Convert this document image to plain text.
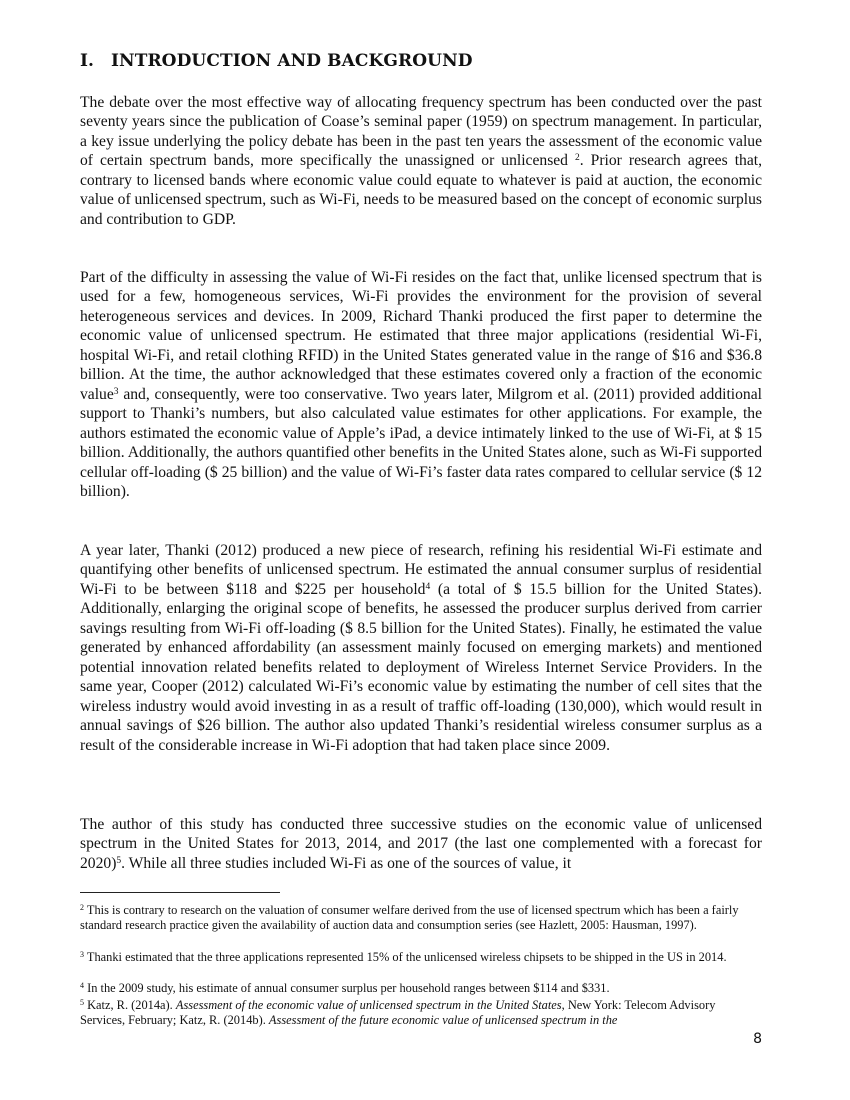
I. INTRODUCTION AND BACKGROUND

The debate over the most effective way of allocating frequency spectrum has been conducted over the past seventy years since the publication of Coase’s seminal paper (1959) on spectrum management. In particular, a key issue underlying the policy debate has been in the past ten years the assessment of the economic value of certain spectrum bands, more specifically the unassigned or unlicensed $^2$. Prior research agrees that, contrary to licensed bands where economic value could equate to whatever is paid at auction, the economic value of unlicensed spectrum, such as Wi-Fi, needs to be measured based on the concept of economic surplus and contribution to GDP.

Part of the difficulty in assessing the value of Wi-Fi resides on the fact that, unlike licensed spectrum that is used for a few, homogeneous services, Wi-Fi provides the environment for the provision of several heterogeneous services and devices. In 2009, Richard Thanki produced the first paper to determine the economic value of unlicensed spectrum. He estimated that three major applications (residential Wi-Fi, hospital Wi-Fi, and retail clothing RFID) in the United States generated value in the range of $16 and $36.8 billion. At the time, the author acknowledged that these estimates covered only a fraction of the economic value$^3$ and, consequently, were too conservative. Two years later, Milgrom et al. (2011) provided additional support to Thanki’s numbers, but also calculated value estimates for other applications. For example, the authors estimated the economic value of Apple’s iPad, a device intimately linked to the use of Wi-Fi, at $ 15 billion. Additionally, the authors quantified other benefits in the United States alone, such as Wi-Fi supported cellular off-loading ($ 25 billion) and the value of Wi-Fi’s faster data rates compared to cellular service ($ 12 billion).

A year later, Thanki (2012) produced a new piece of research, refining his residential Wi-Fi estimate and quantifying other benefits of unlicensed spectrum. He estimated the annual consumer surplus of residential Wi-Fi to be between $118 and $225 per household$^4$ (a total of $ 15.5 billion for the United States). Additionally, enlarging the original scope of benefits, he assessed the producer surplus derived from carrier savings resulting from Wi-Fi off-loading ($ 8.5 billion for the United States). Finally, he estimated the value generated by enhanced affordability (an assessment mainly focused on emerging markets) and mentioned potential innovation related benefits related to deployment of Wireless Internet Service Providers. In the same year, Cooper (2012) calculated Wi-Fi’s economic value by estimating the number of cell sites that the wireless industry would avoid investing in as a result of traffic off-loading (130,000), which would result in annual savings of $26 billion. The author also updated Thanki’s residential wireless consumer surplus as a result of the considerable increase in Wi-Fi adoption that had taken place since 2009.

The author of this study has conducted three successive studies on the economic value of unlicensed spectrum in the United States for 2013, 2014, and 2017 (the last one complemented with a forecast for 2020)$^5$. While all three studies included Wi-Fi as one of the sources of value, it

$^2$ This is contrary to research on the valuation of consumer welfare derived from the use of licensed spectrum which has been a fairly standard research practice given the availability of auction data and consumption series (see Hazlett, 2005: Hausman, 1997).

$^3$ Thanki estimated that the three applications represented 15% of the unlicensed wireless chipsets to be shipped in the US in 2014.

$^4$ In the 2009 study, his estimate of annual consumer surplus per household ranges between $114 and $331.

$^5$ Katz, R. (2014a). Assessment of the economic value of unlicensed spectrum in the United States, New York: Telecom Advisory Services, February; Katz, R. (2014b). Assessment of the future economic value of unlicensed spectrum in the

8
